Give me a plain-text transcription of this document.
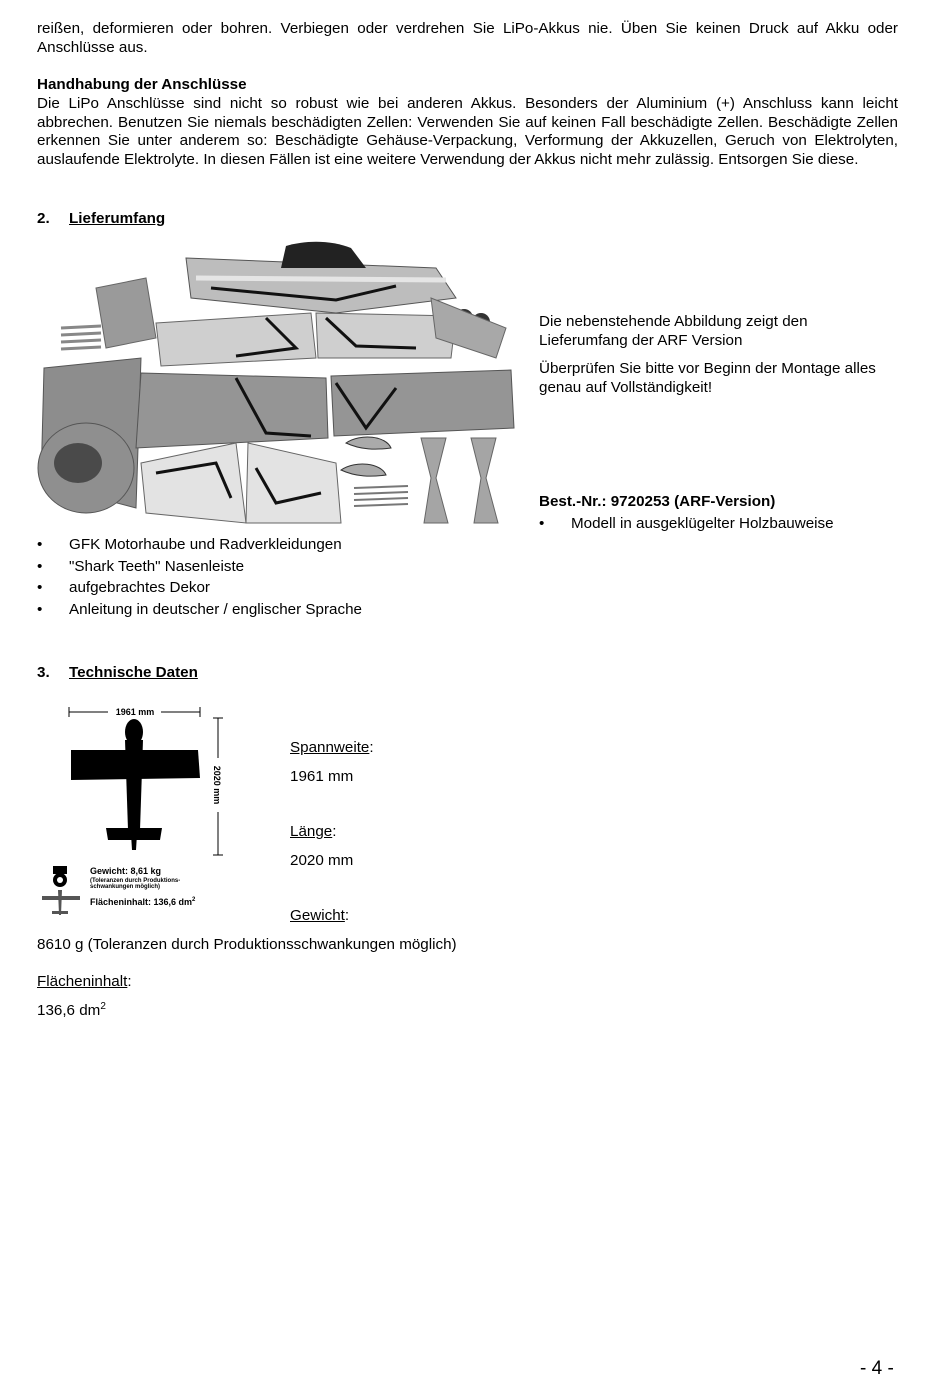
reißen, deformieren oder bohren. Verbiegen oder verdrehen Sie LiPo-Akkus nie. Üben Sie keinen Druck auf Akku oder Anschlüsse aus.
Handhabung der Anschlüsse
Die LiPo Anschlüsse sind nicht so robust wie bei anderen Akkus. Besonders der Aluminium (+) Anschluss kann leicht abbrechen. Benutzen Sie niemals beschädigten Zellen: Verwenden Sie auf keinen Fall beschädigte Zellen. Beschädigte Zellen erkennen Sie unter anderem so: Beschädigte Gehäuse-Verpackung, Verformung der Akkuzellen, Geruch von Elektrolyten, auslaufende Elektrolyte. In diesen Fällen ist eine weitere Verwendung der Akkus nicht mehr zulässig. Entsorgen Sie diese.
2. Lieferumfang
Die nebenstehende Abbildung zeigt den Lieferumfang der ARF Version
Überprüfen Sie bitte vor Beginn der Montage alles genau auf Vollständigkeit!
Best.-Nr.: 9720253 (ARF-Version)
• Modell in ausgeklügelter Holzbauweise
• GFK Motorhaube und Radverkleidungen
• "Shark Teeth" Nasenleiste
• aufgebrachtes Dekor
• Anleitung in deutscher / englischer Sprache
3. Technische Daten
1961 mm
2020 mm
Gewicht: 8,61 kg
(Toleranzen durch Produktions-
schwankungen möglich)
Flächeninhalt: 136,6 $dm^2$
Spannweite:
1961 mm
Länge:
2020 mm
Gewicht:
8610 g (Toleranzen durch Produktionsschwankungen möglich)
Flächeninhalt:
136,6 $dm^2$
- 4 -
